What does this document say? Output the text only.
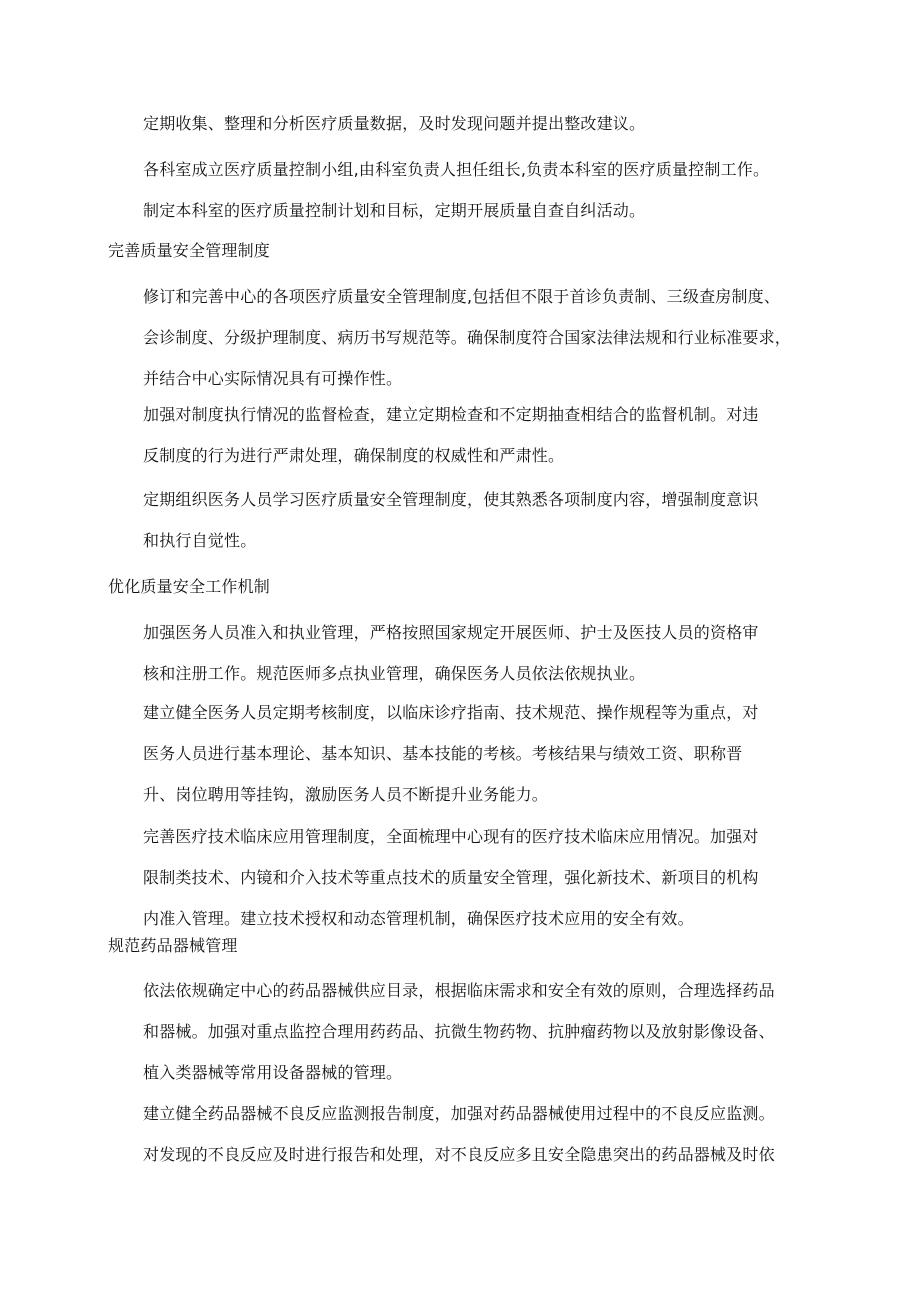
定期收集、整理和分析医疗质量数据，及时发现问题并提出整改建议。
各科室成立医疗质量控制小组,由科室负责人担任组长,负责本科室的医疗质量控制工作。
制定本科室的医疗质量控制计划和目标，定期开展质量自查自纠活动。
完善质量安全管理制度
修订和完善中心的各项医疗质量安全管理制度,包括但不限于首诊负责制、三级查房制度、
会诊制度、分级护理制度、病历书写规范等。确保制度符合国家法律法规和行业标准要求，
并结合中心实际情况具有可操作性。
加强对制度执行情况的监督检查，建立定期检查和不定期抽查相结合的监督机制。对违
反制度的行为进行严肃处理，确保制度的权威性和严肃性。
定期组织医务人员学习医疗质量安全管理制度，使其熟悉各项制度内容，增强制度意识
和执行自觉性。
优化质量安全工作机制
加强医务人员准入和执业管理，严格按照国家规定开展医师、护士及医技人员的资格审
核和注册工作。规范医师多点执业管理，确保医务人员依法依规执业。
建立健全医务人员定期考核制度，以临床诊疗指南、技术规范、操作规程等为重点，对
医务人员进行基本理论、基本知识、基本技能的考核。考核结果与绩效工资、职称晋
升、岗位聘用等挂钩，激励医务人员不断提升业务能力。
完善医疗技术临床应用管理制度，全面梳理中心现有的医疗技术临床应用情况。加强对
限制类技术、内镜和介入技术等重点技术的质量安全管理，强化新技术、新项目的机构
内准入管理。建立技术授权和动态管理机制，确保医疗技术应用的安全有效。
规范药品器械管理
依法依规确定中心的药品器械供应目录，根据临床需求和安全有效的原则，合理选择药品
和器械。加强对重点监控合理用药药品、抗微生物药物、抗肿瘤药物以及放射影像设备、
植入类器械等常用设备器械的管理。
建立健全药品器械不良反应监测报告制度，加强对药品器械使用过程中的不良反应监测。
对发现的不良反应及时进行报告和处理，对不良反应多且安全隐患突出的药品器械及时依
